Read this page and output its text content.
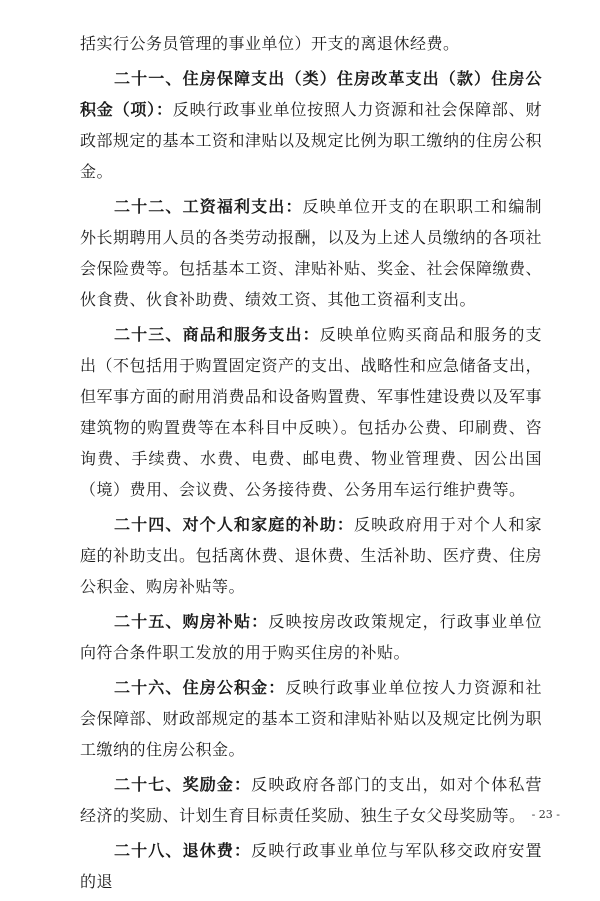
括实行公务员管理的事业单位）开支的离退休经费。

二十一、住房保障支出（类）住房改革支出（款）住房公积金（项）：反映行政事业单位按照人力资源和社会保障部、财政部规定的基本工资和津贴以及规定比例为职工缴纳的住房公积金。

二十二、工资福利支出：反映单位开支的在职职工和编制外长期聘用人员的各类劳动报酬，以及为上述人员缴纳的各项社会保险费等。包括基本工资、津贴补贴、奖金、社会保障缴费、伙食费、伙食补助费、绩效工资、其他工资福利支出。

二十三、商品和服务支出：反映单位购买商品和服务的支出（不包括用于购置固定资产的支出、战略性和应急储备支出，但军事方面的耐用消费品和设备购置费、军事性建设费以及军事建筑物的购置费等在本科目中反映）。包括办公费、印刷费、咨询费、手续费、水费、电费、邮电费、物业管理费、因公出国（境）费用、会议费、公务接待费、公务用车运行维护费等。

二十四、对个人和家庭的补助：反映政府用于对个人和家庭的补助支出。包括离休费、退休费、生活补助、医疗费、住房公积金、购房补贴等。

二十五、购房补贴：反映按房改政策规定，行政事业单位向符合条件职工发放的用于购买住房的补贴。

二十六、住房公积金：反映行政事业单位按人力资源和社会保障部、财政部规定的基本工资和津贴补贴以及规定比例为职工缴纳的住房公积金。

二十七、奖励金：反映政府各部门的支出，如对个体私营经济的奖励、计划生育目标责任奖励、独生子女父母奖励等。

二十八、退休费：反映行政事业单位与军队移交政府安置的退

- 23 -
